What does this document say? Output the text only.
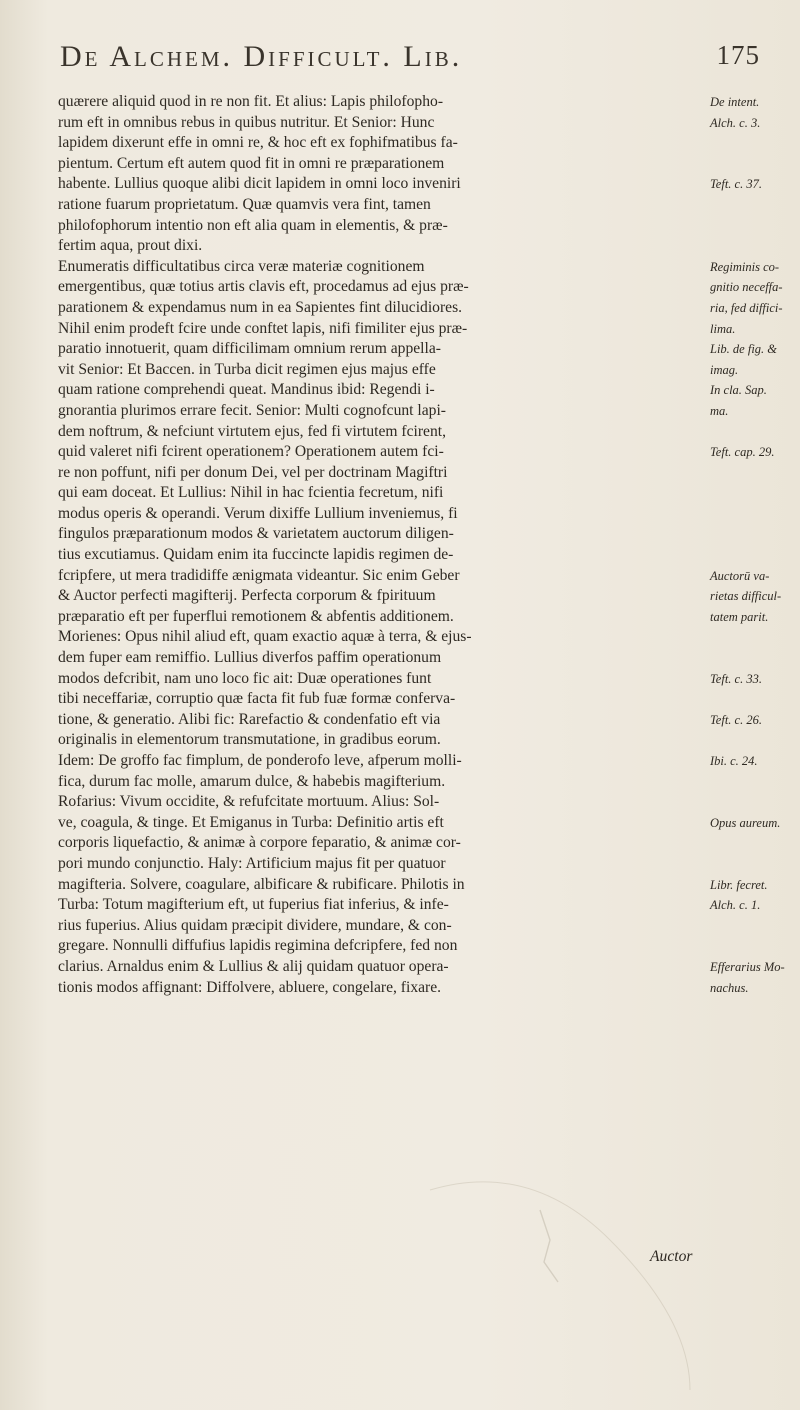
De Alchem. Difficult. Lib.	175
quærere aliquid quod in re non fit. Et alius: Lapis philofopho-
rum eft in omnibus rebus in quibus nutritur. Et Senior: Hunc
lapidem dixerunt effe in omni re, & hoc eft ex fophifmatibus fa-
pientum. Certum eft autem quod fit in omni re præparationem
habente. Lullius quoque alibi dicit lapidem in omni loco inveniri
ratione fuarum proprietatum. Quæ quamvis vera fint, tamen
philofophorum intentio non eft alia quam in elementis, & præ-
fertim aqua, prout dixi.
Enumeratis difficultatibus circa veræ materiæ cognitionem
emergentibus, quæ totius artis clavis eft, procedamus ad ejus præ-
parationem & expendamus num in ea Sapientes fint dilucidiores.
Nihil enim prodeft fcire unde conftet lapis, nifi fimiliter ejus præ-
paratio innotuerit, quam difficilimam omnium rerum appella-
vit Senior: Et Baccen. in Turba dicit regimen ejus majus effe
quam ratione comprehendi queat. Mandinus ibid: Regendi i-
gnorantia plurimos errare fecit. Senior: Multi cognofcunt lapi-
dem noftrum, & nefciunt virtutem ejus, fed fi virtutem fcirent,
quid valeret nifi fcirent operationem? Operationem autem fci-
re non poffunt, nifi per donum Dei, vel per doctrinam Magiftri
qui eam doceat. Et Lullius: Nihil in hac fcientia fecretum, nifi
modus operis & operandi. Verum dixiffe Lullium inveniemus, fi
fingulos præparationum modos & varietatem auctorum diligen-
tius excutiamus. Quidam enim ita fuccincte lapidis regimen de-
fcripfere, ut mera tradidiffe ænigmata videantur. Sic enim Geber
& Auctor perfecti magifterij. Perfecta corporum & fpirituum
præparatio eft per fuperflui remotionem & abfentis additionem.
Morienes: Opus nihil aliud eft, quam exactio aquæ à terra, & ejus-
dem fuper eam remiffio. Lullius diverfos paffim operationum
modos defcribit, nam uno loco fic ait: Duæ operationes funt
tibi neceffariæ, corruptio quæ facta fit fub fuæ formæ conferva-
tione, & generatio. Alibi fic: Rarefactio & condenfatio eft via
originalis in elementorum transmutatione, in gradibus eorum.
Idem: De groffo fac fimplum, de ponderofo leve, afperum molli-
fica, durum fac molle, amarum dulce, & habebis magifterium.
Rofarius: Vivum occidite, & refufcitate mortuum. Alius: Sol-
ve, coagula, & tinge. Et Emiganus in Turba: Definitio artis eft
corporis liquefactio, & animæ à corpore feparatio, & animæ cor-
pori mundo conjunctio. Haly: Artificium majus fit per quatuor
magifteria. Solvere, coagulare, albificare & rubificare. Philotis in
Turba: Totum magifterium eft, ut fuperius fiat inferius, & infe-
rius fuperius. Alius quidam præcipit dividere, mundare, & con-
gregare. Nonnulli diffufius lapidis regimina defcripfere, fed non
clarius. Arnaldus enim & Lullius & alij quidam quatuor opera-
tionis modos affignant: Diffolvere, abluere, congelare, fixare.
De intent.
Alch. c. 3.
Teft. c. 37.
Regiminis co-
gnitio neceffa-
ria, fed diffici-
lima.
Lib. de fig. &
imag.
In cla. Sap.
ma.
Teft. cap. 29.
Auctorū va-
rietas difficul-
tatem parit.
Teft. c. 33.
Teft. c. 26.
Ibi. c. 24.
Opus aureum.
Libr. fecret.
Alch. c. 1.
Efferarius Mo-
nachus.
Auctor
